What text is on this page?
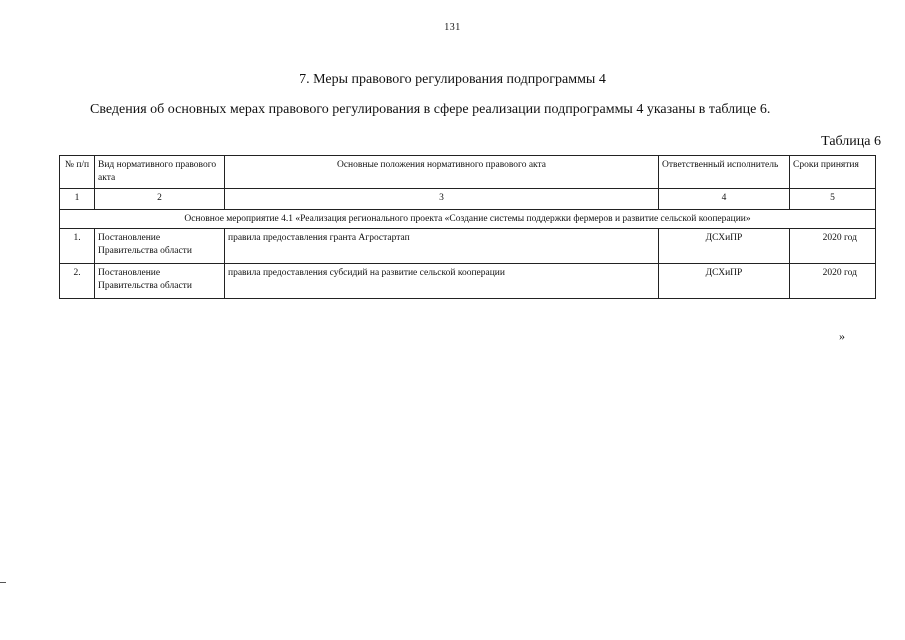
131
7. Меры правового регулирования подпрограммы 4
Сведения об основных мерах правового регулирования в сфере реализации подпрограммы 4 указаны в таблице 6.
Таблица 6
№ п/п	Вид нормативного правового акта	Основные положения нормативного правового акта	Ответственный исполнитель	Сроки принятия
1	2	3	4	5
Основное мероприятие 4.1 «Реализация регионального проекта «Создание системы поддержки фермеров и развитие сельской кооперации»				
1.	Постановление Правительства области	правила предоставления гранта Агростартап	ДСХиПР	2020 год
2.	Постановление Правительства области	правила предоставления субсидий на развитие сельской кооперации	ДСХиПР	2020 год
»
